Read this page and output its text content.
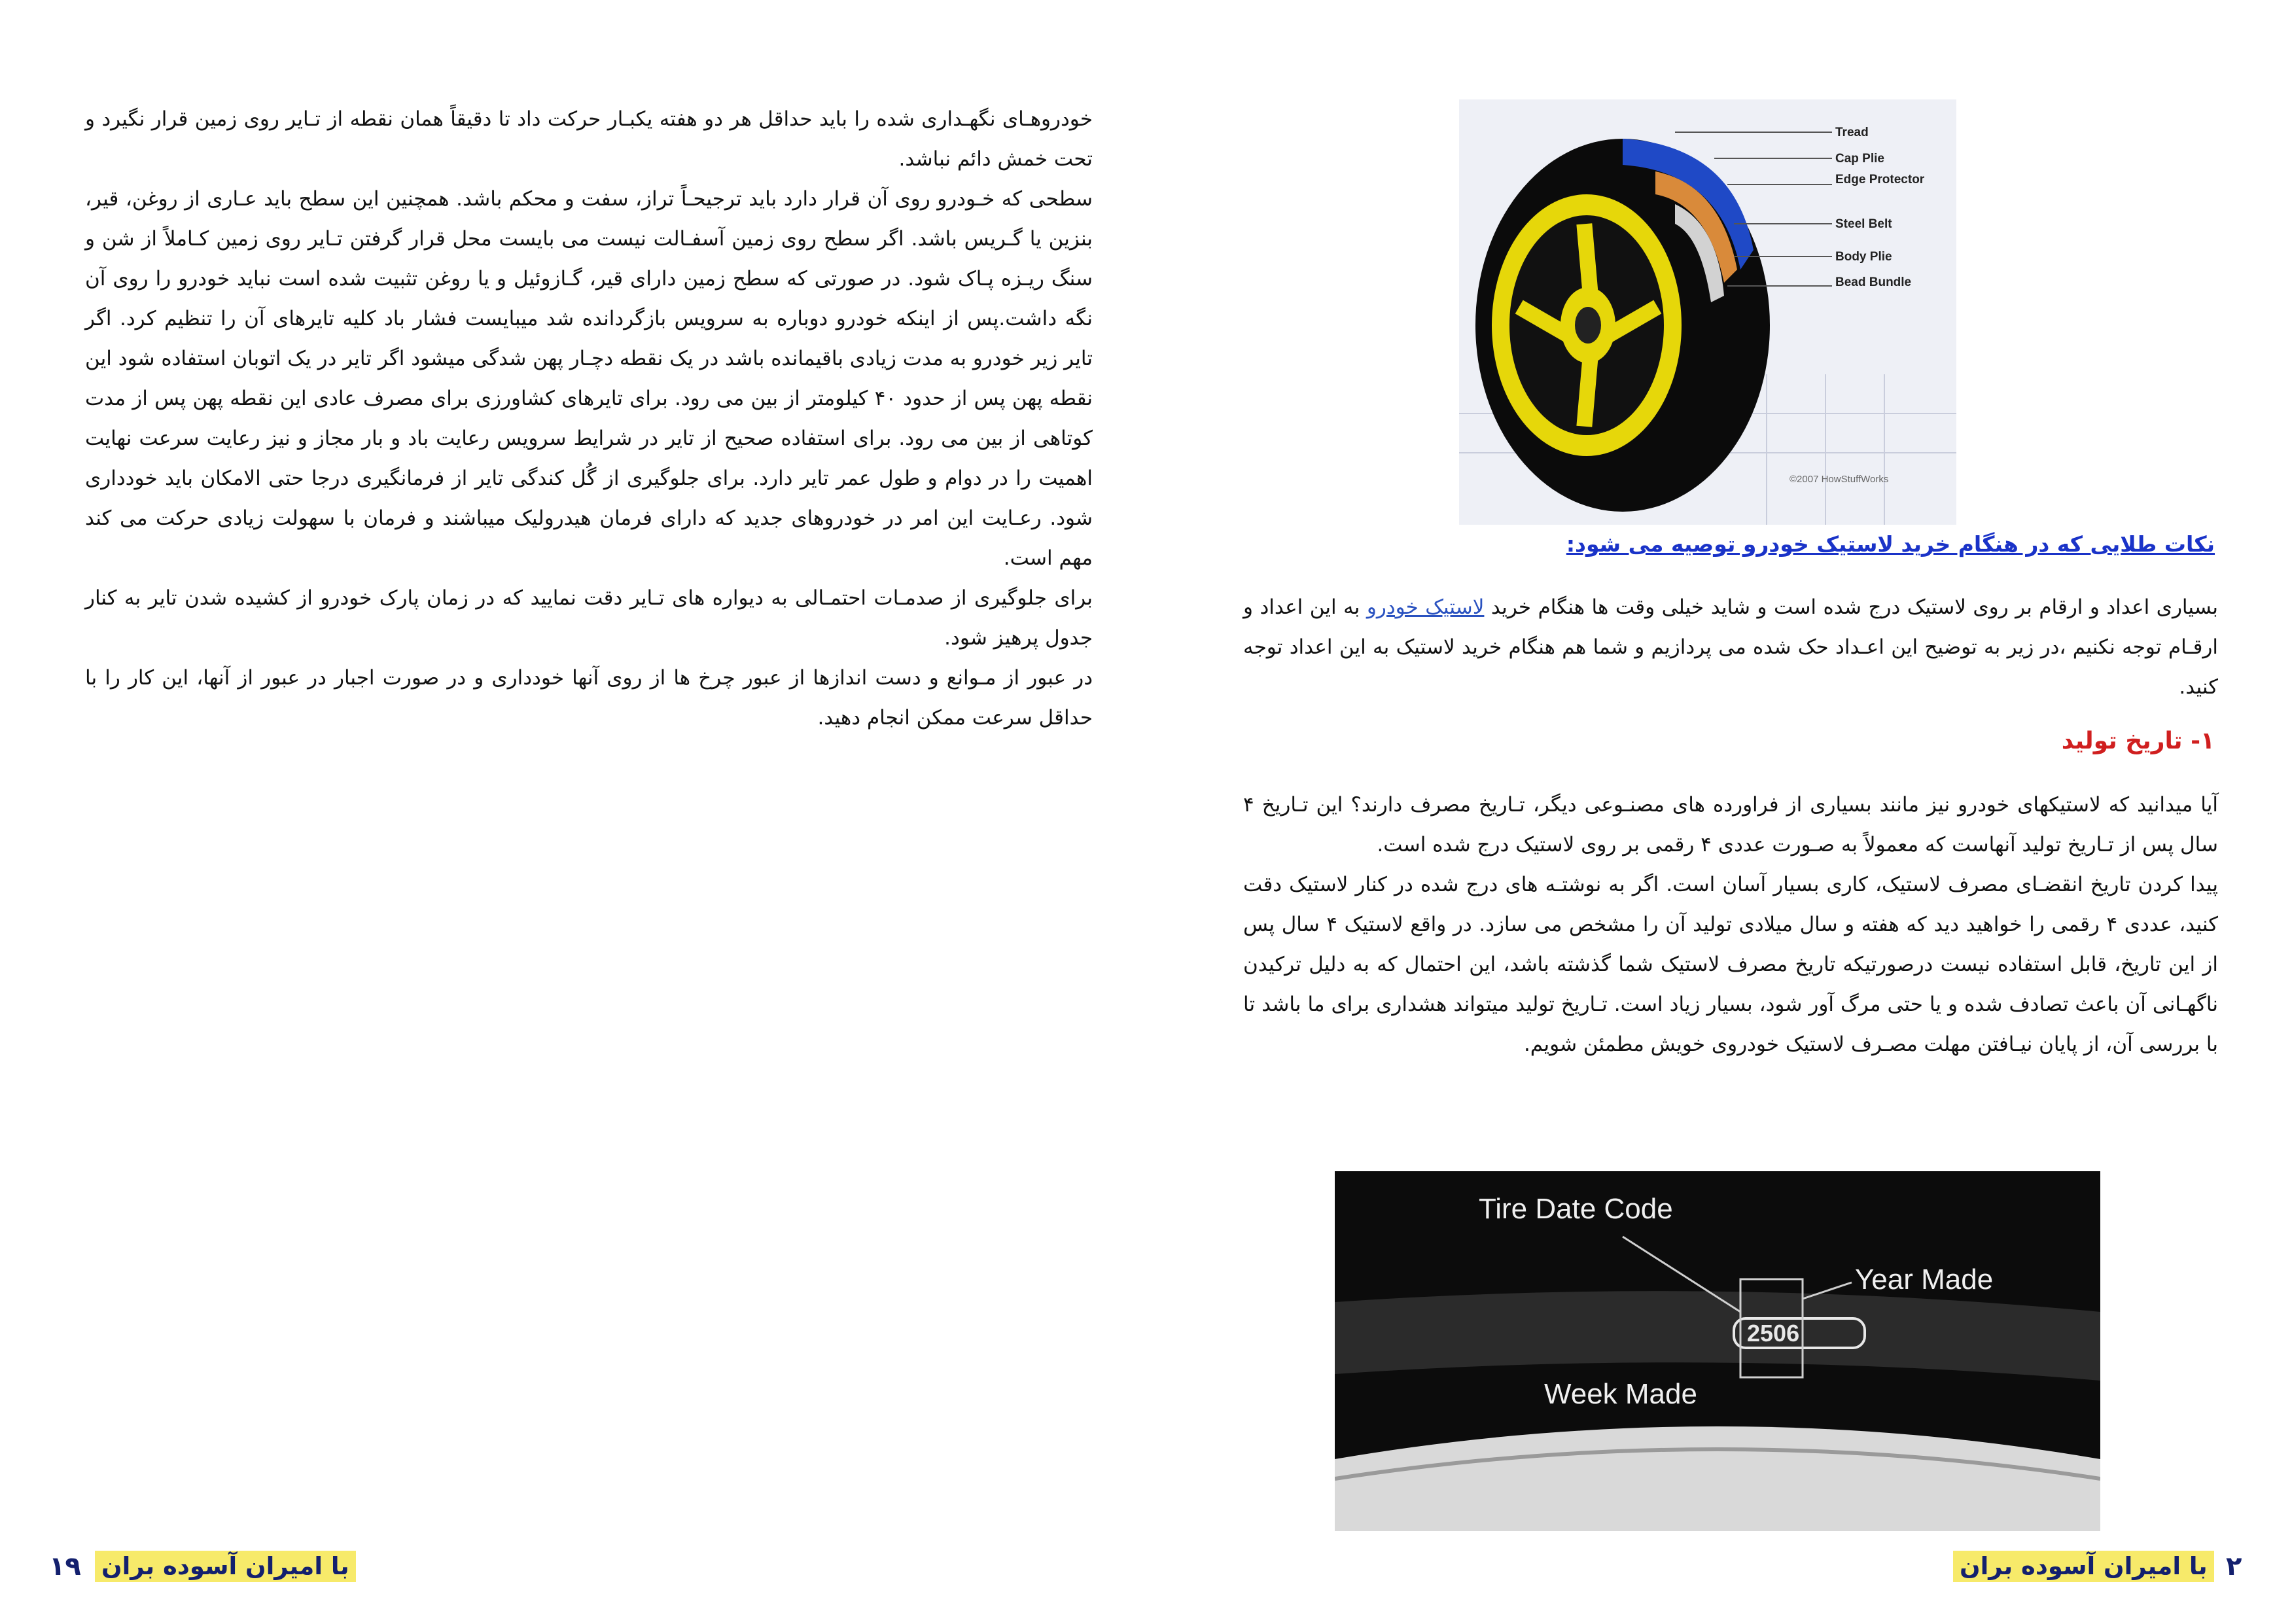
خودروهـای نگهـداری شده را باید حداقل هر دو هفته یکبـار حرکت داد تا دقیقاً همان نقطه از تـایر روی زمین قرار نگیرد و تحت خمش دائم نباشد.

سطحی که خـودرو روی آن قرار دارد باید ترجیحـاً تراز، سفت و محکم باشد. همچنین این سطح باید عـاری از روغن، قیر، بنزین یا گـریس باشد. اگر سطح روی زمین آسفـالت نیست می بایست محل قرار گرفتن تـایر روی زمین کـاملاً از شن و سنگ ریـزه پـاک شود. در صورتی که سطح زمین دارای قیر، گـازوئیل و یا روغن تثبیت شده است نباید خودرو را روی آن نگه داشت.پس از اینکه خودرو دوباره به سرویس بازگردانده شد میبایست فشار باد کلیه تایرهای آن را تنظیم کرد. اگر تایر زیر خودرو به مدت زیادی باقیمانده باشد در یک نقطه دچـار پهن شدگی میشود اگر تایر در یک اتوبان استفاده شود این نقطه پهن پس از حدود ۴۰ کیلومتر از بین می رود. برای تایرهای کشاورزی برای مصرف عادی این نقطه پهن پس از مدت کوتاهی از بین می رود. برای استفاده صحیح از تایر در شرایط سرویس رعایت باد و بار مجاز و نیز رعایت سرعت نهایت اهمیت را در دوام و طول عمر تایر دارد. برای جلوگیری از گُل کندگی تایر از فرمانگیری درجا حتی الامکان باید خودداری شود. رعـایت این امر در خودروهای جدید که دارای فرمان هیدرولیک میباشند و فرمان با سهولت زیادی حرکت می کند مهم است.

برای جلوگیری از صدمـات احتمـالی به دیواره های تـایر دقت نمایید که در زمان پارک خودرو از کشیده شدن تایر به کنار جدول پرهیز شود.

در عبور از مـوانع و دست اندازها از عبور چرخ ها از روی آنها خودداری و در صورت اجبار در عبور از آنها، این کار را با حداقل سرعت ممکن انجام دهید.

۱۹ با امیران آسوده بران
Tread
Cap Plie
Edge Protector
Steel Belt
Body Plie
Bead Bundle
©2007 HowStuffWorks
نکات طلایی که در هنگام خرید لاستیک خودرو توصیه می شود:

بسیاری اعداد و ارقام بر روی لاستیک درج شده است و شاید خیلی وقت ها هنگام خرید لاستیک خودرو به این اعداد و ارقـام توجه نکنیم ،در زیر به توضیح این اعـداد حک شده می پردازیم و شما هم هنگام خرید لاستیک به این اعداد توجه کنید.

۱- تاریخ تولید

آیا میدانید که لاستیکهای خودرو نیز مانند بسیاری از فراورده های مصنـوعی دیگر، تـاریخ مصرف دارند؟ این تـاریخ ۴ سال پس از تـاریخ تولید آنهاست که معمولاً به صـورت عددی ۴ رقمی بر روی لاستیک درج شده است.

پیدا کردن تاریخ انقضـای مصرف لاستیک، کاری بسیار آسان است. اگر به نوشتـه های درج شده در کنار لاستیک دقت کنید، عددی ۴ رقمی را خواهید دید که هفته و سال میلادی تولید آن را مشخص می سازد. در واقع لاستیک ۴ سال پس از این تاریخ، قابل استفاده نیست درصورتیکه تاریخ مصرف لاستیک شما گذشته باشد، این احتمال که به دلیل ترکیدن ناگهـانی آن باعث تصادف شده و یا حتی مرگ آور شود، بسیار زیاد است. تـاریخ تولید میتواند هشداری برای ما باشد تا با بررسی آن، از پایان نیـافتن مهلت مصـرف لاستیک خودروی خویش مطمئن شویم.

2506
Tire Date Code
Year Made
Week Made
با امیران آسوده بران ۲
